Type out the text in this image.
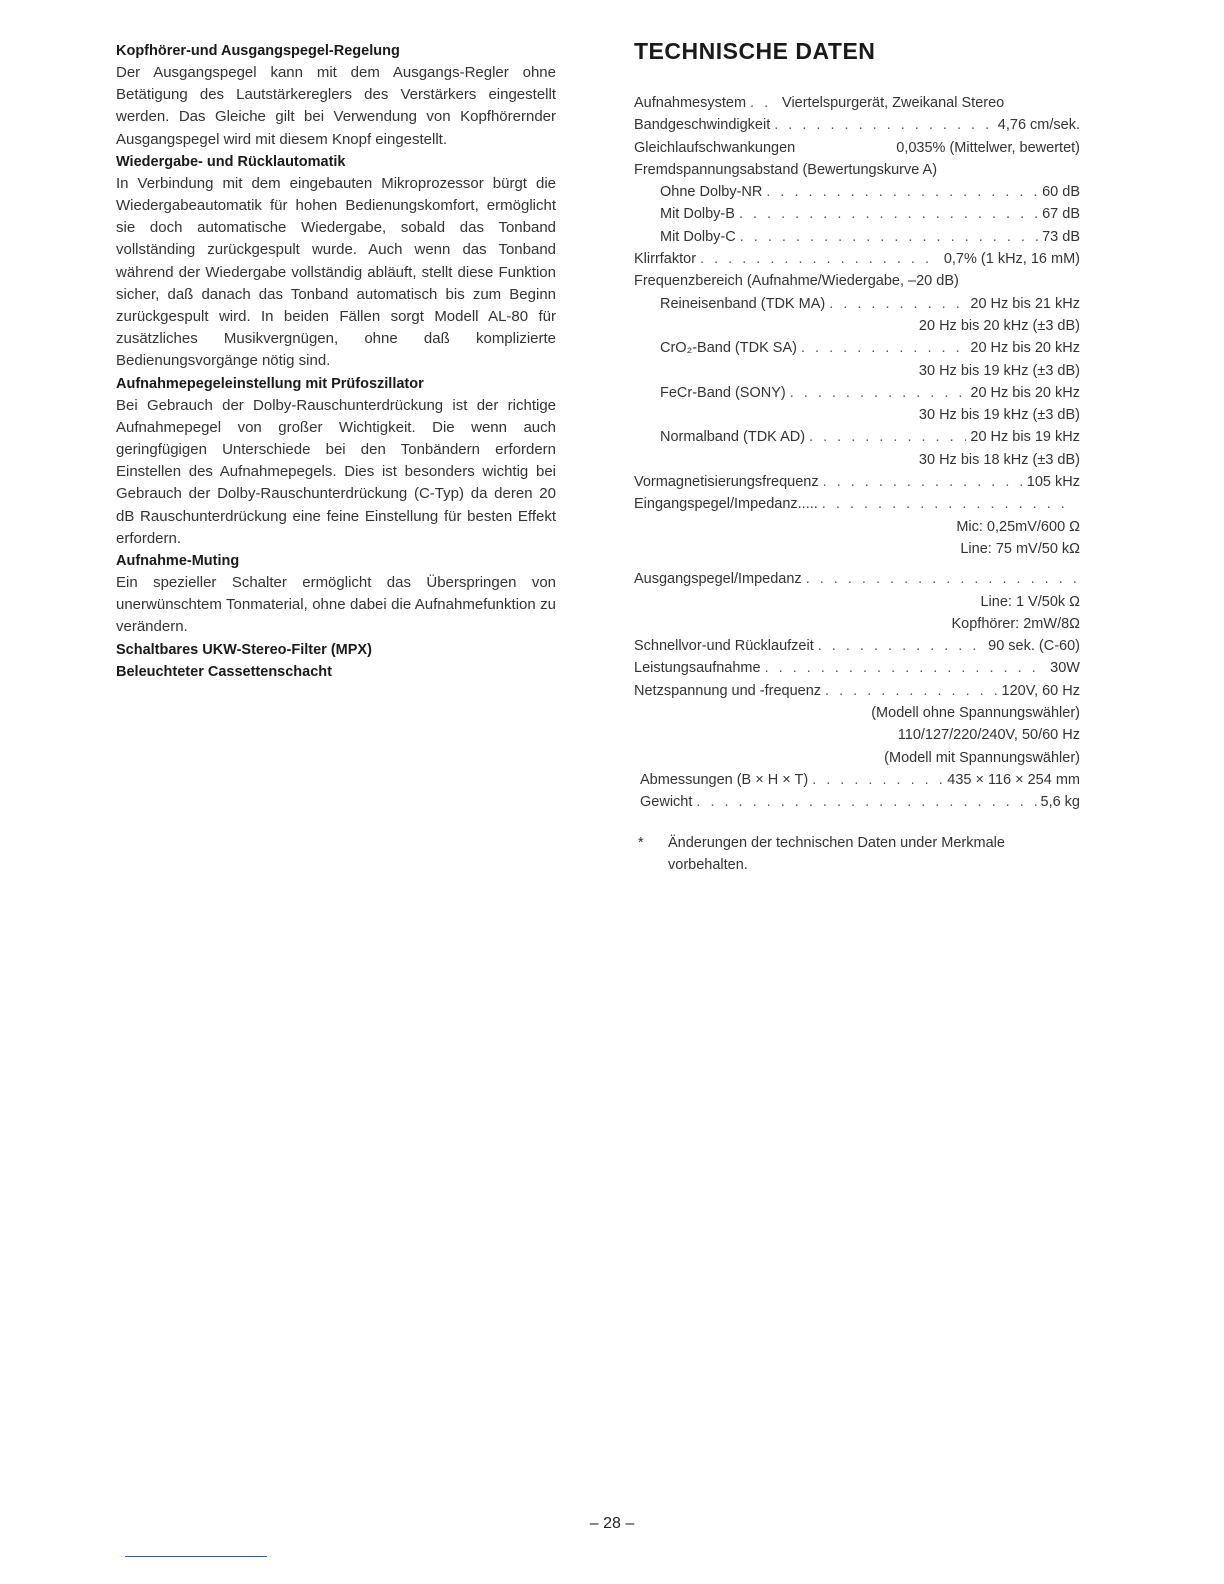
Kopfhörer-und Ausgangspegel-Regelung

Der Ausgangspegel kann mit dem Ausgangs-Regler ohne Betätigung des Lautstärkereglers des Verstärkers eingestellt werden. Das Gleiche gilt bei Verwendung von Kopfhörernder Ausgangspegel wird mit diesem Knopf eingestellt.

Wiedergabe- und Rücklautomatik

In Verbindung mit dem eingebauten Mikroprozessor bürgt die Wiedergabeautomatik für hohen Bedienungskomfort, ermöglicht sie doch automatische Wiedergabe, sobald das Tonband vollständing zurückgespult wurde. Auch wenn das Tonband während der Wiedergabe vollständig abläuft, stellt diese Funktion sicher, daß danach das Tonband automatisch bis zum Beginn zurückgespult wird. In beiden Fällen sorgt Modell AL-80 für zusätzliches Musikvergnügen, ohne daß komplizierte Bedienungsvorgänge nötig sind.

Aufnahmepegeleinstellung mit Prüfoszillator

Bei Gebrauch der Dolby-Rauschunterdrückung ist der richtige Aufnahmepegel von großer Wichtigkeit. Die wenn auch geringfügigen Unterschiede bei den Tonbändern erfordern Einstellen des Aufnahmepegels. Dies ist besonders wichtig bei Gebrauch der Dolby-Rauschunterdrückung (C-Typ) da deren 20 dB Rauschunterdrückung eine feine Einstellung für besten Effekt erfordern.

Aufnahme-Muting

Ein spezieller Schalter ermöglicht das Überspringen von unerwünschtem Tonmaterial, ohne dabei die Aufnahmefunktion zu verändern.

Schaltbares UKW-Stereo-Filter (MPX)
Beleuchteter Cassettenschacht
TECHNISCHE DATEN
Aufnahmesystem . . . Viertelspurgerät, Zweikanal Stereo
Bandgeschwindigkeit . . .	4,76 cm/sek.
Gleichlaufschwankungen	0,035% (Mittelwer, bewertet)
Fremdspannungsabstand (Bewertungskurve A)
Ohne Dolby-NR . . .	60 dB
Mit Dolby-B . . .	67 dB
Mit Dolby-C . . .	73 dB
Klirrfaktor . . .	0,7% (1 kHz, 16 mM)
Frequenzbereich (Aufnahme/Wiedergabe, –20 dB)
Reineisenband (TDK MA) . . .	20 Hz bis 21 kHz
20 Hz bis 20 kHz (±3 dB)
CrO₂-Band (TDK SA) . . .	20 Hz bis 20 kHz
30 Hz bis 19 kHz (±3 dB)
FeCr-Band (SONY) . . .	20 Hz bis 20 kHz
30 Hz bis 19 kHz (±3 dB)
Normalband (TDK AD) . . .	20 Hz bis 19 kHz
30 Hz bis 18 kHz (±3 dB)
Vormagnetisierungsfrequenz . . .	105 kHz
Eingangspegel/Impedanz.....
. . .
Mic: 0,25mV/600 Ω
Line: 75 mV/50 kΩ
Ausgangspegel/Impedanz
. . .
Line: 1 V/50k Ω
Kopfhörer: 2mW/8Ω
Schnellvor-und Rücklaufzeit . . .	90 sek. (C-60)
Leistungsaufnahme . . .	30W
Netzspannung und -frequenz . . .	120V, 60 Hz
(Modell ohne Spannungswähler)
110/127/220/240V, 50/60 Hz
(Modell mit Spannungswähler)
Abmessungen (B × H × T) . . .	435 × 116 × 254 mm
Gewicht . . .	5,6 kg
*	Änderungen der technischen Daten under Merkmale vorbehalten.
– 28 –
